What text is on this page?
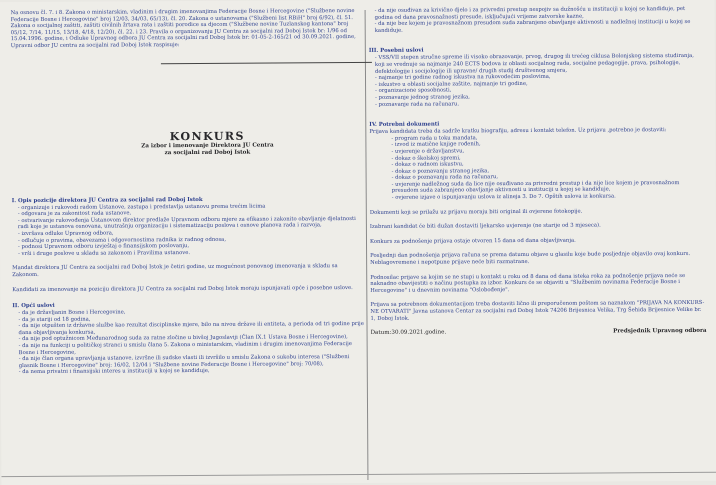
Na osnovu čl. 7. i 8. Zakona o ministarskim, vladinim i drugim imenovanjima Federacije Bosne i Hercegovine ("Službene novine Federacije Bosne i Hercegovine" broj 12/03, 34/03, 65/13), čl. 20. Zakona o ustanovama ("Službeni list RBiH" broj 6/92), čl. 51. Zakona o socijalnoj zaštiti, zaštiti civilnih žrtava rata i zaštiti porodice sa djecom ("Službene novine Tuzlanskog kantona" broj 05/12, 7/14, 11/15, 13/18, 4/18, 12/20), čl. 22. i 23. Pravila o organizovanju JU Centra za socijalni rad Doboj Istok br: 1/96 od 15.04.1996. godine, i Odluke Upravnog odbora JU Centra za socijalni rad Doboj Istok br: 01-05-2-165/21 od 30.09.2021. godine, Upravni odbor JU centra za socijalni rad Doboj Istok raspisuje:

KONKURS
Za izbor i imenovanje Direktora JU Centra
za socijalni rad Doboj Istok
I. Opis pozicije direktora JU Centra za socijalni rad Doboj Istok
- organizuje i rukovodi radom Ustanove, zastupa i predstavlja ustanovu prema trećim licima
- odgovara je za zakonitost rada ustanove,
- ostvarivanje rukovođenja Ustanovom direktor predlaže Upravnom odboru mjere za efikasno i zakonito obavljanje djelatnosti radi koje je ustanova osnovana, unutrašnju organizaciju i sistematizaciju poslova i osnove planova rada i razvoja,
- izvršava odluke Upravnog odbora,
- odlučuje o pravima, obavezama i odgovornostima radnika iz radnog odnosa,
- podnosi Upravnom odboru izvještaj o finansijskom poslovanju,
- vrši i druge poslove u skladu sa zakonom i Pravilima ustanove.

Mandat direktora JU Centra za socijalni rad Doboj Istok je četiri godine, uz mogućnost ponovnog imenovanja u skladu sa Zakonom.

Kandidati za imenovanje na poziciju direktora JU Centra za socijalni rad Doboj Istok moraju ispunjavati opće i posebne uslove.

II. Opći uslovi
- da je državljanin Bosne i Hercegovine,
- da je stariji od 18 godina,
- da nije otpušten iz državne službe kao rezultat disciplinske mjere, bilo na nivou države ili entiteta, a perioda od tri godine prije dana objavljivanja konkursa,
- da nije pod optužnicom Međunarodnog suda za ratne zločine u bivšoj Jugoslaviji (Član IX.1 Ustava Bosne i Hercegovine),
- da nije na funkciji u političkoj stranci u smislu člana 5. Zakona o ministarskim, vladinim i drugim imenovanjima Federacije Bosne i Hercegovine,
- da nije član organa upravljanja ustanove, izvršne ili sudske vlasti ili izvršilo u smislu Zakona o sukobu interesa ("Službeni glasnik Bosne i Hercegovine" broj: 16/02, 12/04 i "Službene novine Federacije Bosne i Hercegovine" broj: 70/08),
- da nema privatni i finansijski interes u instituciji u kojoj se kandiduje,
- da nije osuđivan za krivično djelo i za privredni prestup nespojiv sa dužnošću u instituciji u kojoj se kandiduje, pet godina od dana pravosnažnosti presude, isključujući vrijeme zatvorske kazne,
- da nije bez kojem je pravosnažnom presudom suda zabranjeno obavljanje aktivnosti u nadležnoj instituciji u kojoj se kandiduje.
III. Posebni uslovi
- VSS/VII stepen stručne spreme ili visoko obrazovanje, prvog, drugog ili trećeg ciklusa Bolonjskog sistema studiranja, koji se vrednuje sa najmanje 240 ECTS bodova iz oblasti socijalnog rada, socijalne pedagogije, prava, psihologije, defektologije i socijologije ili upravne/ drugih studij društvenog smjera,
- najmanje tri godine radnog iskustva na rukovodećim poslovima,
- iskustvo u oblasti socijalne zaštite, najmanje tri godine,
- organizacione sposobnosti,
- poznavanje jednog stranog jezika,
- poznavanje rada na računaru.
IV. Potrebni dokumenti

Prijava kandidata treba da sadrže kratku biografiju, adresu i kontakt telefon. Uz prijavu ,potrebno je dostaviti:

- program rada u toku mandata,
- izvod iz matične knjige rođenih,
- uvjerenje o državljanstvu,
- dokaz o školskoj spremi,
- dokaz o radnom iskustvu,
- dokaz o poznavanju stranog jezika,
- dokaz o poznavanju rada na računaru,
- uvjerenje nadležnog suda da lice nije osuđivano za privredni prestup i da nije lice kojem je pravosnažnom presudom suda zabranjeno obavljanje aktivnosti u instituciji u kojoj se kandiduje,
- ovjerene izjave o ispunjavanju uslova iz alineja 3. Do 7. Opštih uslova iz konkursa.

Dokumenti koji se prilažu uz prijavu moraju biti original ili ovjerene fotokopije.

Izabrani kandidat će biti dužan dostaviti ljekarsko uvjerenje (ne starije od 3 mjeseca).

Konkurs za podnošenje prijava ostaje otvoren 15 dana od dana objavljivanja.

Posljednji dan podnošenja prijava računa se prema datumu objave u glasilu koje bude posljednje objavilo ovaj konkurs. Neblagovremene i nepotpune prijave neće biti razmatrane.

Podnosilac prijave sa kojim se ne stupi u kontakt u roku od 8 dana od dana isteka roka za podnošenje prijava neće se naknadno obavijestiti o načinu postupka za izbor. Konkurs će se objaviti u "Službenim novinama Federacije Bosne i Hercegovine" i u dnevnim novinama "Oslobođenje".

Prijava sa potrebnom dokumentacijom treba dostaviti lično ili preporučenom poštom sa naznakom "PRIJAVA NA KONKURS-NE OTVARATI" Javna ustanova Centar za socijalni rad Doboj Istok 74206 Brijesnica Velika, Trg Šehida Brijesnice Velike br. 1, Doboj Istok.

Datum:30.09.2021.godine.	Predsjednik Upravnog odbora
